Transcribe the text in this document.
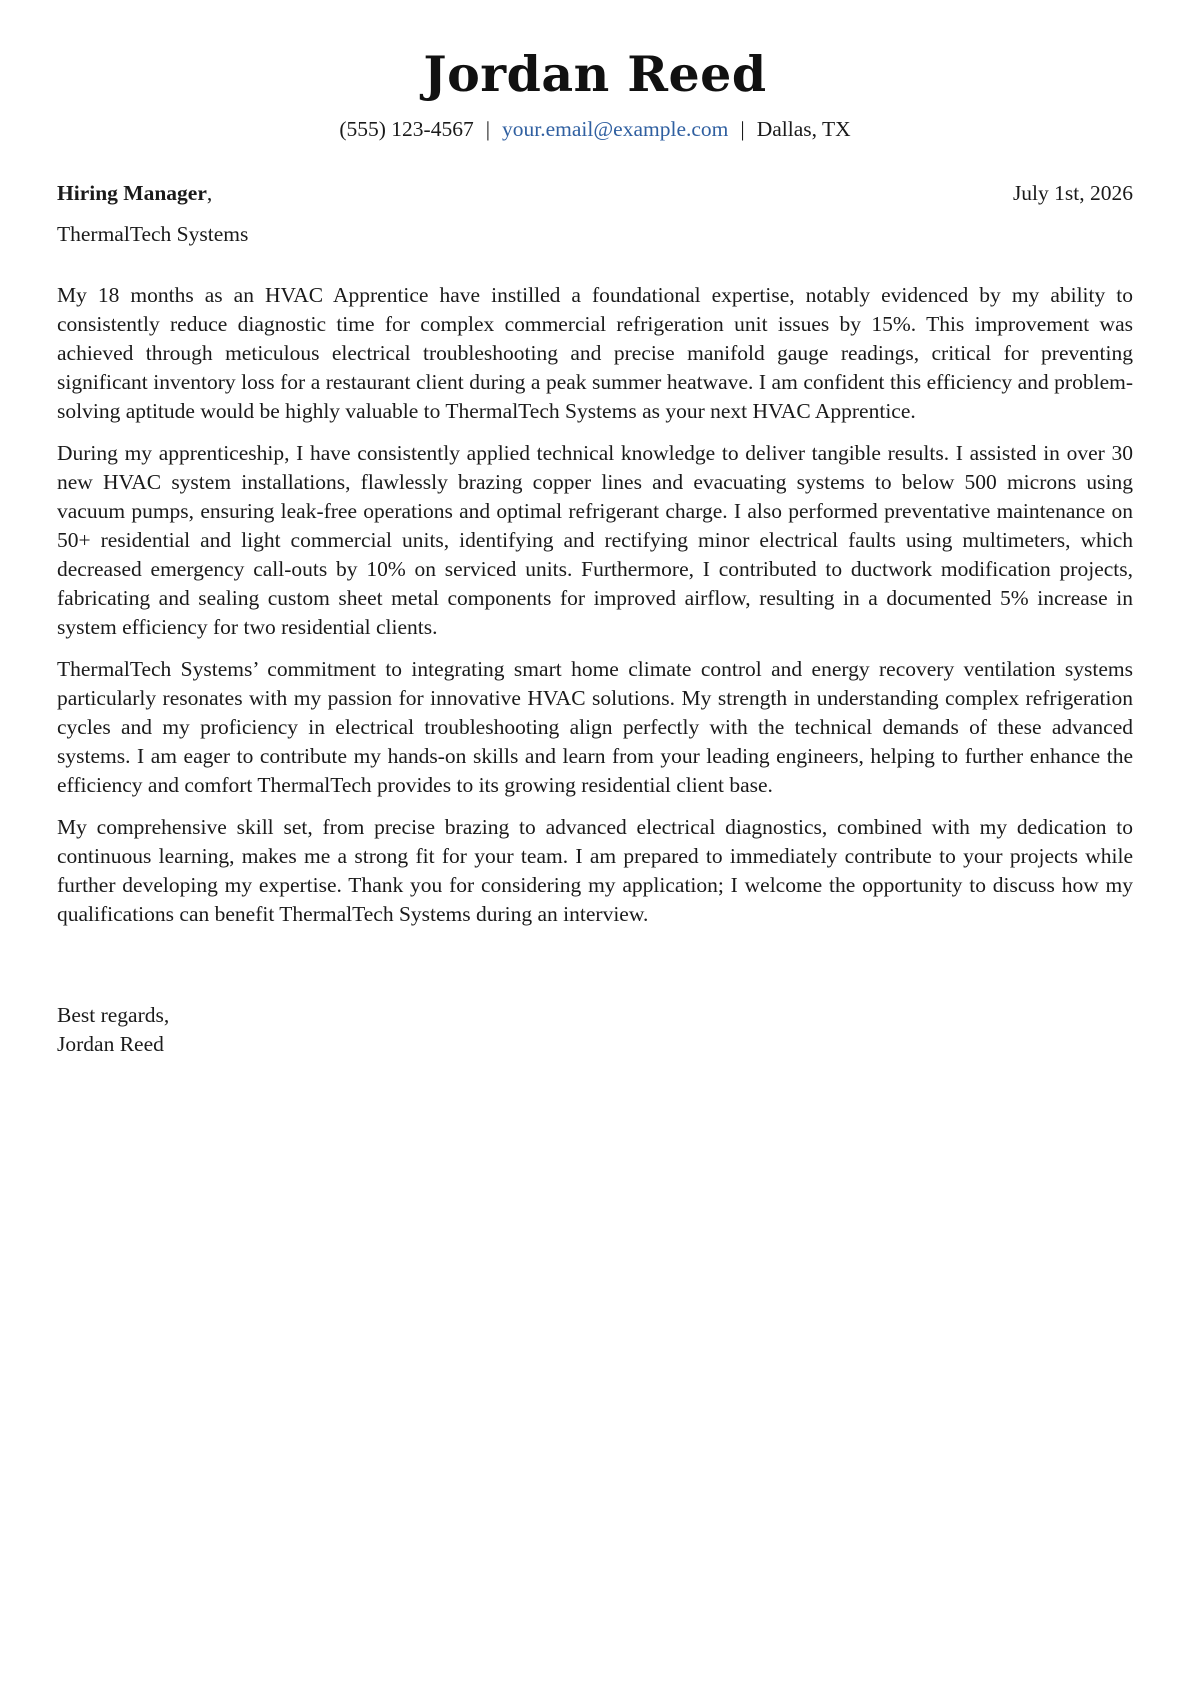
Jordan Reed
(555) 123-4567 | your.email@example.com | Dallas, TX
Hiring Manager,	July 1st, 2026
ThermalTech Systems

My 18 months as an HVAC Apprentice have instilled a foundational expertise, notably evidenced by my ability to consistently reduce diagnostic time for complex commercial refrigeration unit issues by 15%. This improvement was achieved through meticulous electrical troubleshooting and precise manifold gauge readings, critical for preventing significant inventory loss for a restaurant client during a peak summer heatwave. I am confident this efficiency and problem-solving aptitude would be highly valuable to ThermalTech Systems as your next HVAC Apprentice.

During my apprenticeship, I have consistently applied technical knowledge to deliver tangible results. I assisted in over 30 new HVAC system installations, flawlessly brazing copper lines and evacuating systems to below 500 microns using vacuum pumps, ensuring leak-free operations and optimal refrigerant charge. I also performed preventative maintenance on 50+ residential and light commercial units, identifying and rectifying minor electrical faults using multimeters, which decreased emergency call-outs by 10% on serviced units. Furthermore, I contributed to ductwork modification projects, fabricating and sealing custom sheet metal components for improved airflow, resulting in a documented 5% increase in system efficiency for two residential clients.

ThermalTech Systems’ commitment to integrating smart home climate control and energy recovery ventilation systems particularly resonates with my passion for innovative HVAC solutions. My strength in understanding complex refrigeration cycles and my proficiency in electrical troubleshooting align perfectly with the technical demands of these advanced systems. I am eager to contribute my hands-on skills and learn from your leading engineers, helping to further enhance the efficiency and comfort ThermalTech provides to its growing residential client base.

My comprehensive skill set, from precise brazing to advanced electrical diagnostics, combined with my dedication to continuous learning, makes me a strong fit for your team. I am prepared to immediately contribute to your projects while further developing my expertise. Thank you for considering my application; I welcome the opportunity to discuss how my qualifications can benefit ThermalTech Systems during an interview.

Best regards,
Jordan Reed
